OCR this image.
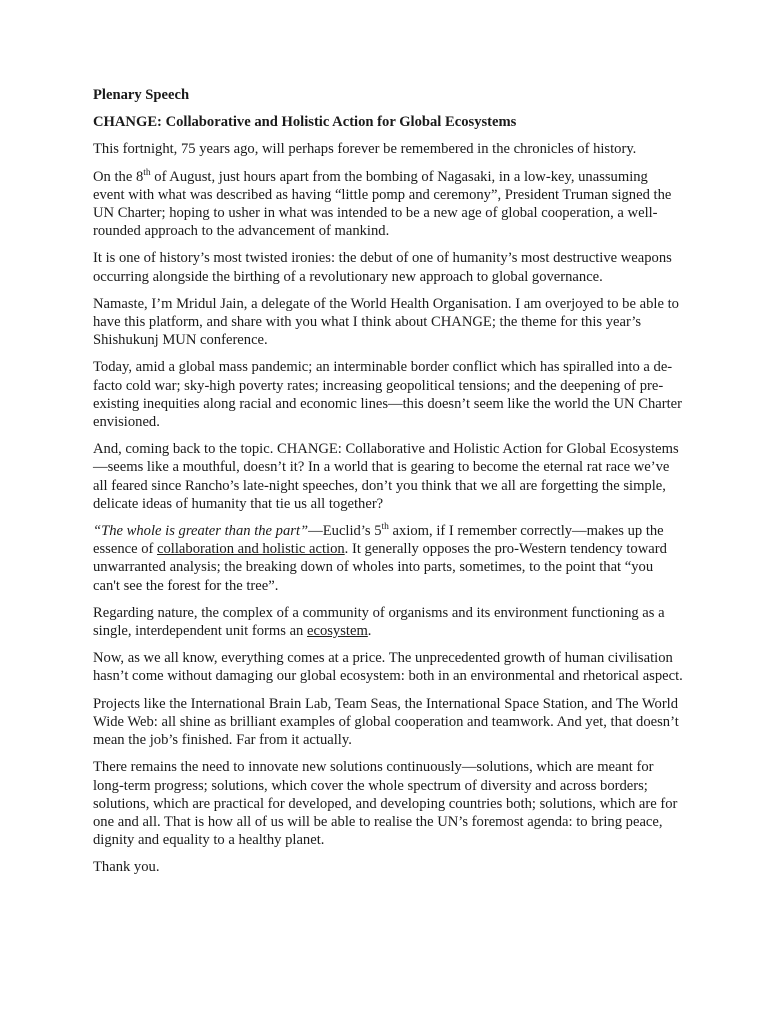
Plenary Speech

CHANGE: Collaborative and Holistic Action for Global Ecosystems

This fortnight, 75 years ago, will perhaps forever be remembered in the chronicles of history.

On the 8th of August, just hours apart from the bombing of Nagasaki, in a low-key, unassuming event with what was described as having “little pomp and ceremony”, President Truman signed the UN Charter; hoping to usher in what was intended to be a new age of global cooperation, a well-rounded approach to the advancement of mankind.

It is one of history’s most twisted ironies: the debut of one of humanity’s most destructive weapons occurring alongside the birthing of a revolutionary new approach to global governance.

Namaste, I’m Mridul Jain, a delegate of the World Health Organisation. I am overjoyed to be able to have this platform, and share with you what I think about CHANGE; the theme for this year’s Shishukunj MUN conference.

Today, amid a global mass pandemic; an interminable border conflict which has spiralled into a de-facto cold war; sky-high poverty rates; increasing geopolitical tensions; and the deepening of pre-existing inequities along racial and economic lines—this doesn’t seem like the world the UN Charter envisioned.

And, coming back to the topic. CHANGE: Collaborative and Holistic Action for Global Ecosystems—seems like a mouthful, doesn’t it? In a world that is gearing to become the eternal rat race we’ve all feared since Rancho’s late-night speeches, don’t you think that we all are forgetting the simple, delicate ideas of humanity that tie us all together?

“The whole is greater than the part”—Euclid’s 5th axiom, if I remember correctly—makes up the essence of collaboration and holistic action. It generally opposes the pro-Western tendency toward unwarranted analysis; the breaking down of wholes into parts, sometimes, to the point that “you can't see the forest for the tree”.

Regarding nature, the complex of a community of organisms and its environment functioning as a single, interdependent unit forms an ecosystem.

Now, as we all know, everything comes at a price. The unprecedented growth of human civilisation hasn’t come without damaging our global ecosystem: both in an environmental and rhetorical aspect.

Projects like the International Brain Lab, Team Seas, the International Space Station, and The World Wide Web: all shine as brilliant examples of global cooperation and teamwork. And yet, that doesn’t mean the job’s finished. Far from it actually.

There remains the need to innovate new solutions continuously—solutions, which are meant for long-term progress; solutions, which cover the whole spectrum of diversity and across borders; solutions, which are practical for developed, and developing countries both; solutions, which are for one and all. That is how all of us will be able to realise the UN’s foremost agenda: to bring peace, dignity and equality to a healthy planet.

Thank you.
